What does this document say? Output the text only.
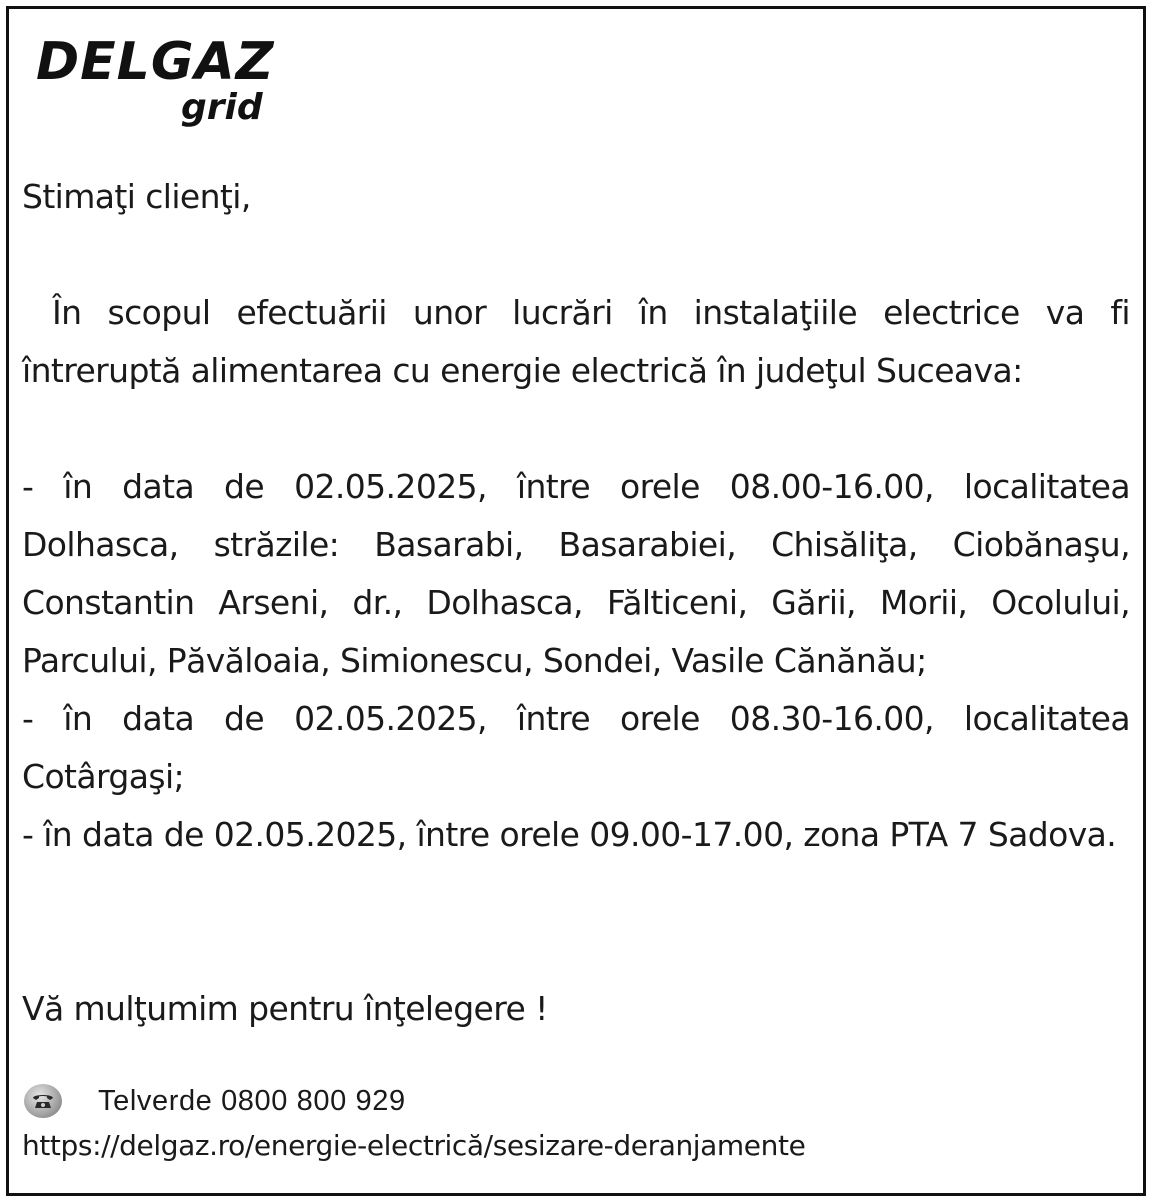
DELGAZ
grid
Stimaţi clienţi,
În scopul efectuării unor lucrări în instalaţiile electrice va fi întreruptă alimentarea cu energie electrică în judeţul Suceava:
- în data de 02.05.2025, între orele 08.00-16.00, localitatea Dolhasca, străzile: Basarabi, Basarabiei, Chisăliţa, Ciobănaşu, Constantin Arseni, dr., Dolhasca, Fălticeni, Gării, Morii, Ocolului, Parcului, Păvăloaia, Simionescu, Sondei, Vasile Cănănău;
- în data de 02.05.2025, între orele 08.30-16.00, localitatea Cotârgaşi;
- în data de 02.05.2025, între orele 09.00-17.00, zona PTA 7 Sadova.
Vă mulţumim pentru înţelegere !
Telverde 0800 800 929
https://delgaz.ro/energie-electrică/sesizare-deranjamente
